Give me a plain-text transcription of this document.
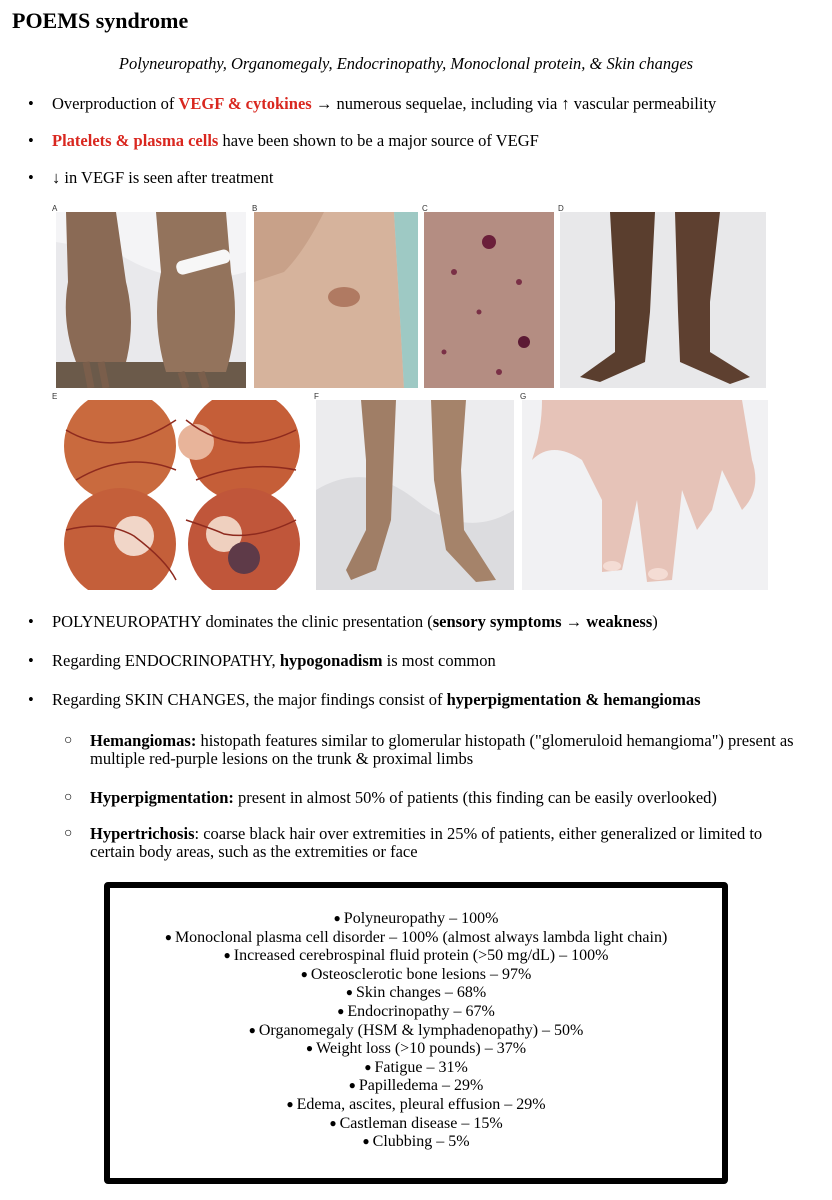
POEMS syndrome
Polyneuropathy, Organomegaly, Endocrinopathy, Monoclonal protein, & Skin changes
• Overproduction of VEGF & cytokines → numerous sequelae, including via ↑ vascular permeability
• Platelets & plasma cells have been shown to be a major source of VEGF
• ↓ in VEGF is seen after treatment
A	B	C	D
E
#12	#3
#15	#6
F	G
• POLYNEUROPATHY dominates the clinic presentation (sensory symptoms → weakness)
• Regarding ENDOCRINOPATHY, hypogonadism is most common
• Regarding SKIN CHANGES, the major findings consist of hyperpigmentation & hemangiomas
○ Hemangiomas: histopath features similar to glomerular histopath ("glomeruloid hemangioma") present as multiple red-purple lesions on the trunk & proximal limbs
○ Hyperpigmentation: present in almost 50% of patients (this finding can be easily overlooked)
○ Hypertrichosis: coarse black hair over extremities in 25% of patients, either generalized or limited to certain body areas, such as the extremities or face
● Polyneuropathy – 100%
● Monoclonal plasma cell disorder – 100% (almost always lambda light chain)
● Increased cerebrospinal fluid protein (>50 mg/dL) – 100%
● Osteosclerotic bone lesions – 97%
● Skin changes – 68%
● Endocrinopathy – 67%
● Organomegaly (HSM & lymphadenopathy) – 50%
● Weight loss (>10 pounds) – 37%
● Fatigue – 31%
● Papilledema – 29%
● Edema, ascites, pleural effusion – 29%
● Castleman disease – 15%
● Clubbing – 5%
